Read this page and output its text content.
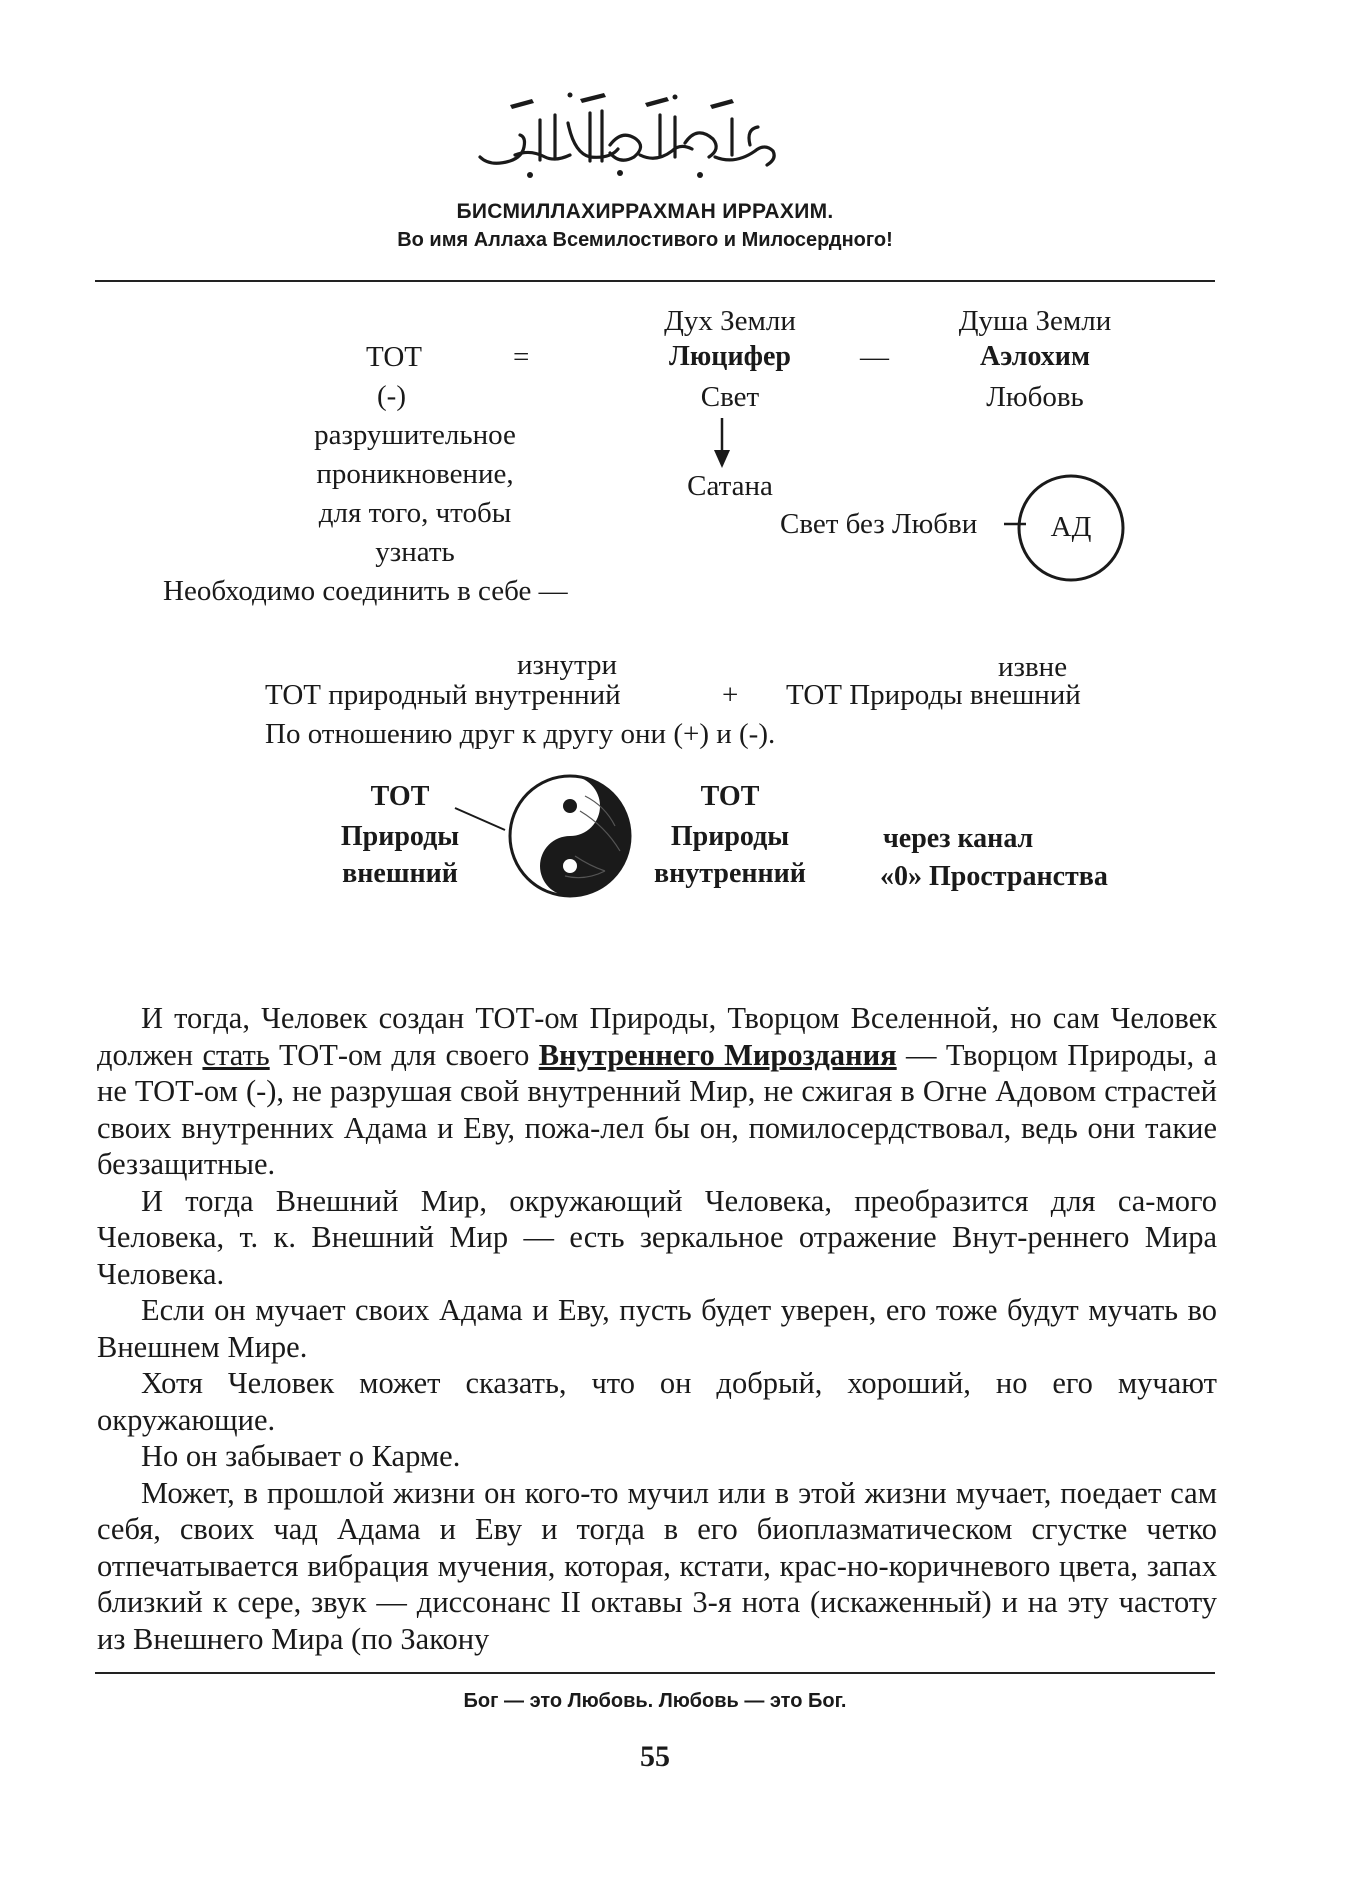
بِسْمِ اللَّهِ الرَّحْمَٰنِ الرَّحِيمِ
БИСМИЛЛАХИРРАХМАН ИРРАХИМ.
Во имя Аллаха Всемилостивого и Милосердного!
ТОТ	=
(-)
разрушительное
проникновение,
для того, чтобы
узнать
Необходимо соединить в себе —
Дух Земли
Люцифер
Свет
—
Душа Земли
Аэлохим
Любовь
Сатана
Свет без Любви	АД
изнутри	извне
ТОТ природный внутренний	+ ТОТ Природы внешний
По отношению друг к другу они (+) и (-).
ТОТ
Природы
внешний
ТОТ
Природы
внутренний
через канал
«0» Пространства

И тогда, Человек создан ТОТ-ом Природы, Творцом Вселенной, но сам Человек должен стать ТОТ-ом для своего Внутреннего Мироздания — Творцом Природы, а не ТОТ-ом (-), не разрушая свой внутренний Мир, не сжигая в Огне Адовом страстей своих внутренних Адама и Еву, пожа-лел бы он, помилосердствовал, ведь они такие беззащитные.

И тогда Внешний Мир, окружающий Человека, преобразится для са-мого Человека, т. к. Внешний Мир — есть зеркальное отражение Внут-реннего Мира Человека.

Если он мучает своих Адама и Еву, пусть будет уверен, его тоже будут мучать во Внешнем Мире.

Хотя Человек может сказать, что он добрый, хороший, но его мучают окружающие.

Но он забывает о Карме.

Может, в прошлой жизни он кого-то мучил или в этой жизни мучает, поедает сам себя, своих чад Адама и Еву и тогда в его биоплазматическом сгустке четко отпечатывается вибрация мучения, которая, кстати, крас-но-коричневого цвета, запах близкий к сере, звук — диссонанс II октавы 3-я нота (искаженный) и на эту частоту из Внешнего Мира (по Закону

Бог — это Любовь. Любовь — это Бог.
55
